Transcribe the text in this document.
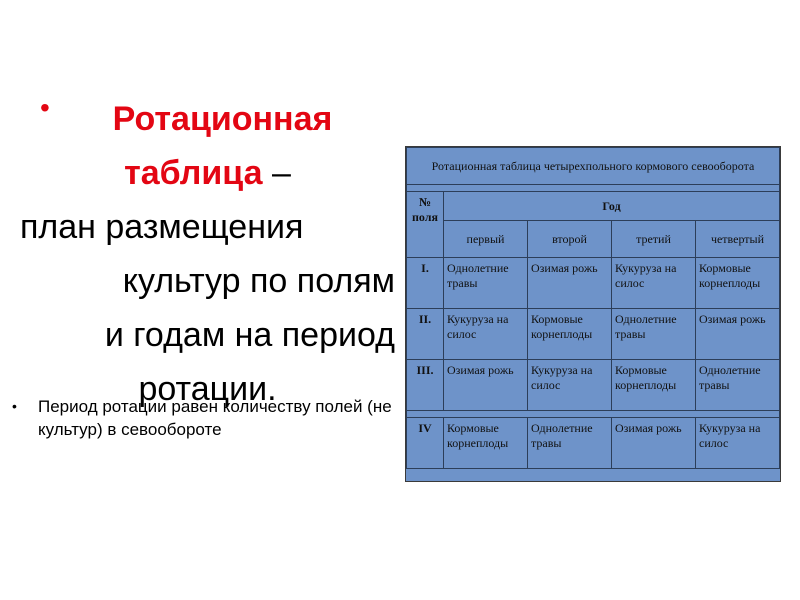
•	Ротационная
таблица –
план размещения
культур по полям
и годам на период
ротации.
• Период ротации равен количеству полей (не культур) в севообороте
Ротационная таблица четырехпольного кормового севооборота				

№ поля	Год			
	первый	второй	третий	четвертый
I.	Однолетние травы	Озимая рожь	Кукуруза на силос	Кормовые корнеплоды
II.	Кукуруза на силос	Кормовые корнеплоды	Однолетние травы	Озимая рожь
III.	Озимая рожь	Кукуруза на силос	Кормовые корнеплоды	Однолетние травы

IV	Кормовые корнеплоды	Однолетние травы	Озимая рожь	Кукуруза на силос
